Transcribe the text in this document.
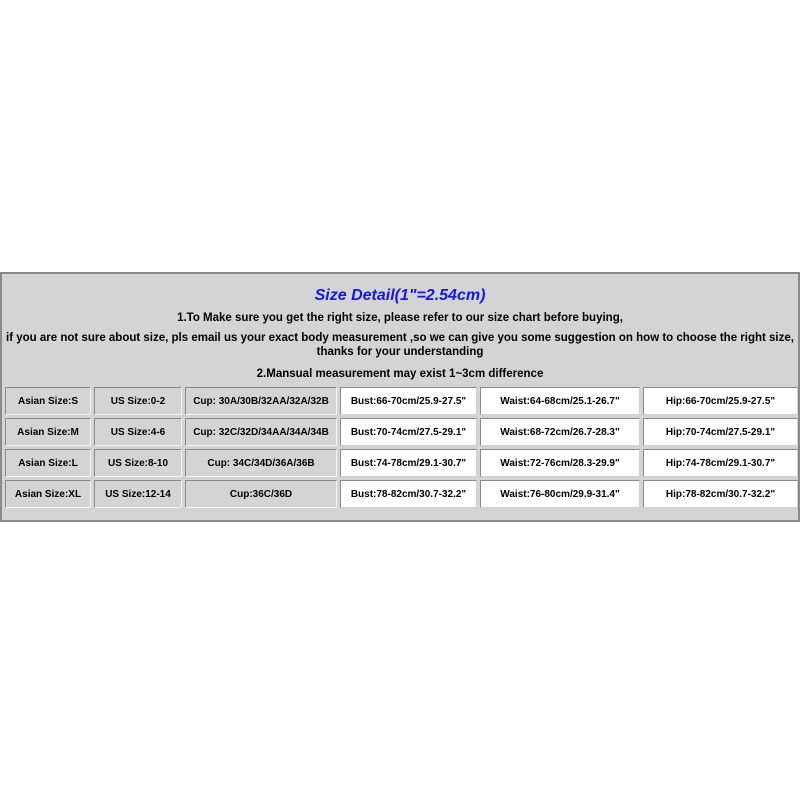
Size Detail(1"=2.54cm)
1.To Make sure you get the right size, please refer to our size chart before buying,
if you are not sure about size, pls email us your exact body measurement ,so we can give you some suggestion on how to choose the right size,
thanks for your understanding
2.Mansual measurement may exist 1~3cm difference
Asian Size:S	US Size:0-2	Cup: 30A/30B/32AA/32A/32B	Bust:66-70cm/25.9-27.5"	Waist:64-68cm/25.1-26.7"	Hip:66-70cm/25.9-27.5"
Asian Size:M	US Size:4-6	Cup: 32C/32D/34AA/34A/34B	Bust:70-74cm/27.5-29.1"	Waist:68-72cm/26.7-28.3"	Hip:70-74cm/27.5-29.1"
Asian Size:L	US Size:8-10	Cup: 34C/34D/36A/36B	Bust:74-78cm/29.1-30.7"	Waist:72-76cm/28.3-29.9"	Hip:74-78cm/29.1-30.7"
Asian Size:XL	US Size:12-14	Cup:36C/36D	Bust:78-82cm/30.7-32.2"	Waist:76-80cm/29.9-31.4"	Hip:78-82cm/30.7-32.2"
